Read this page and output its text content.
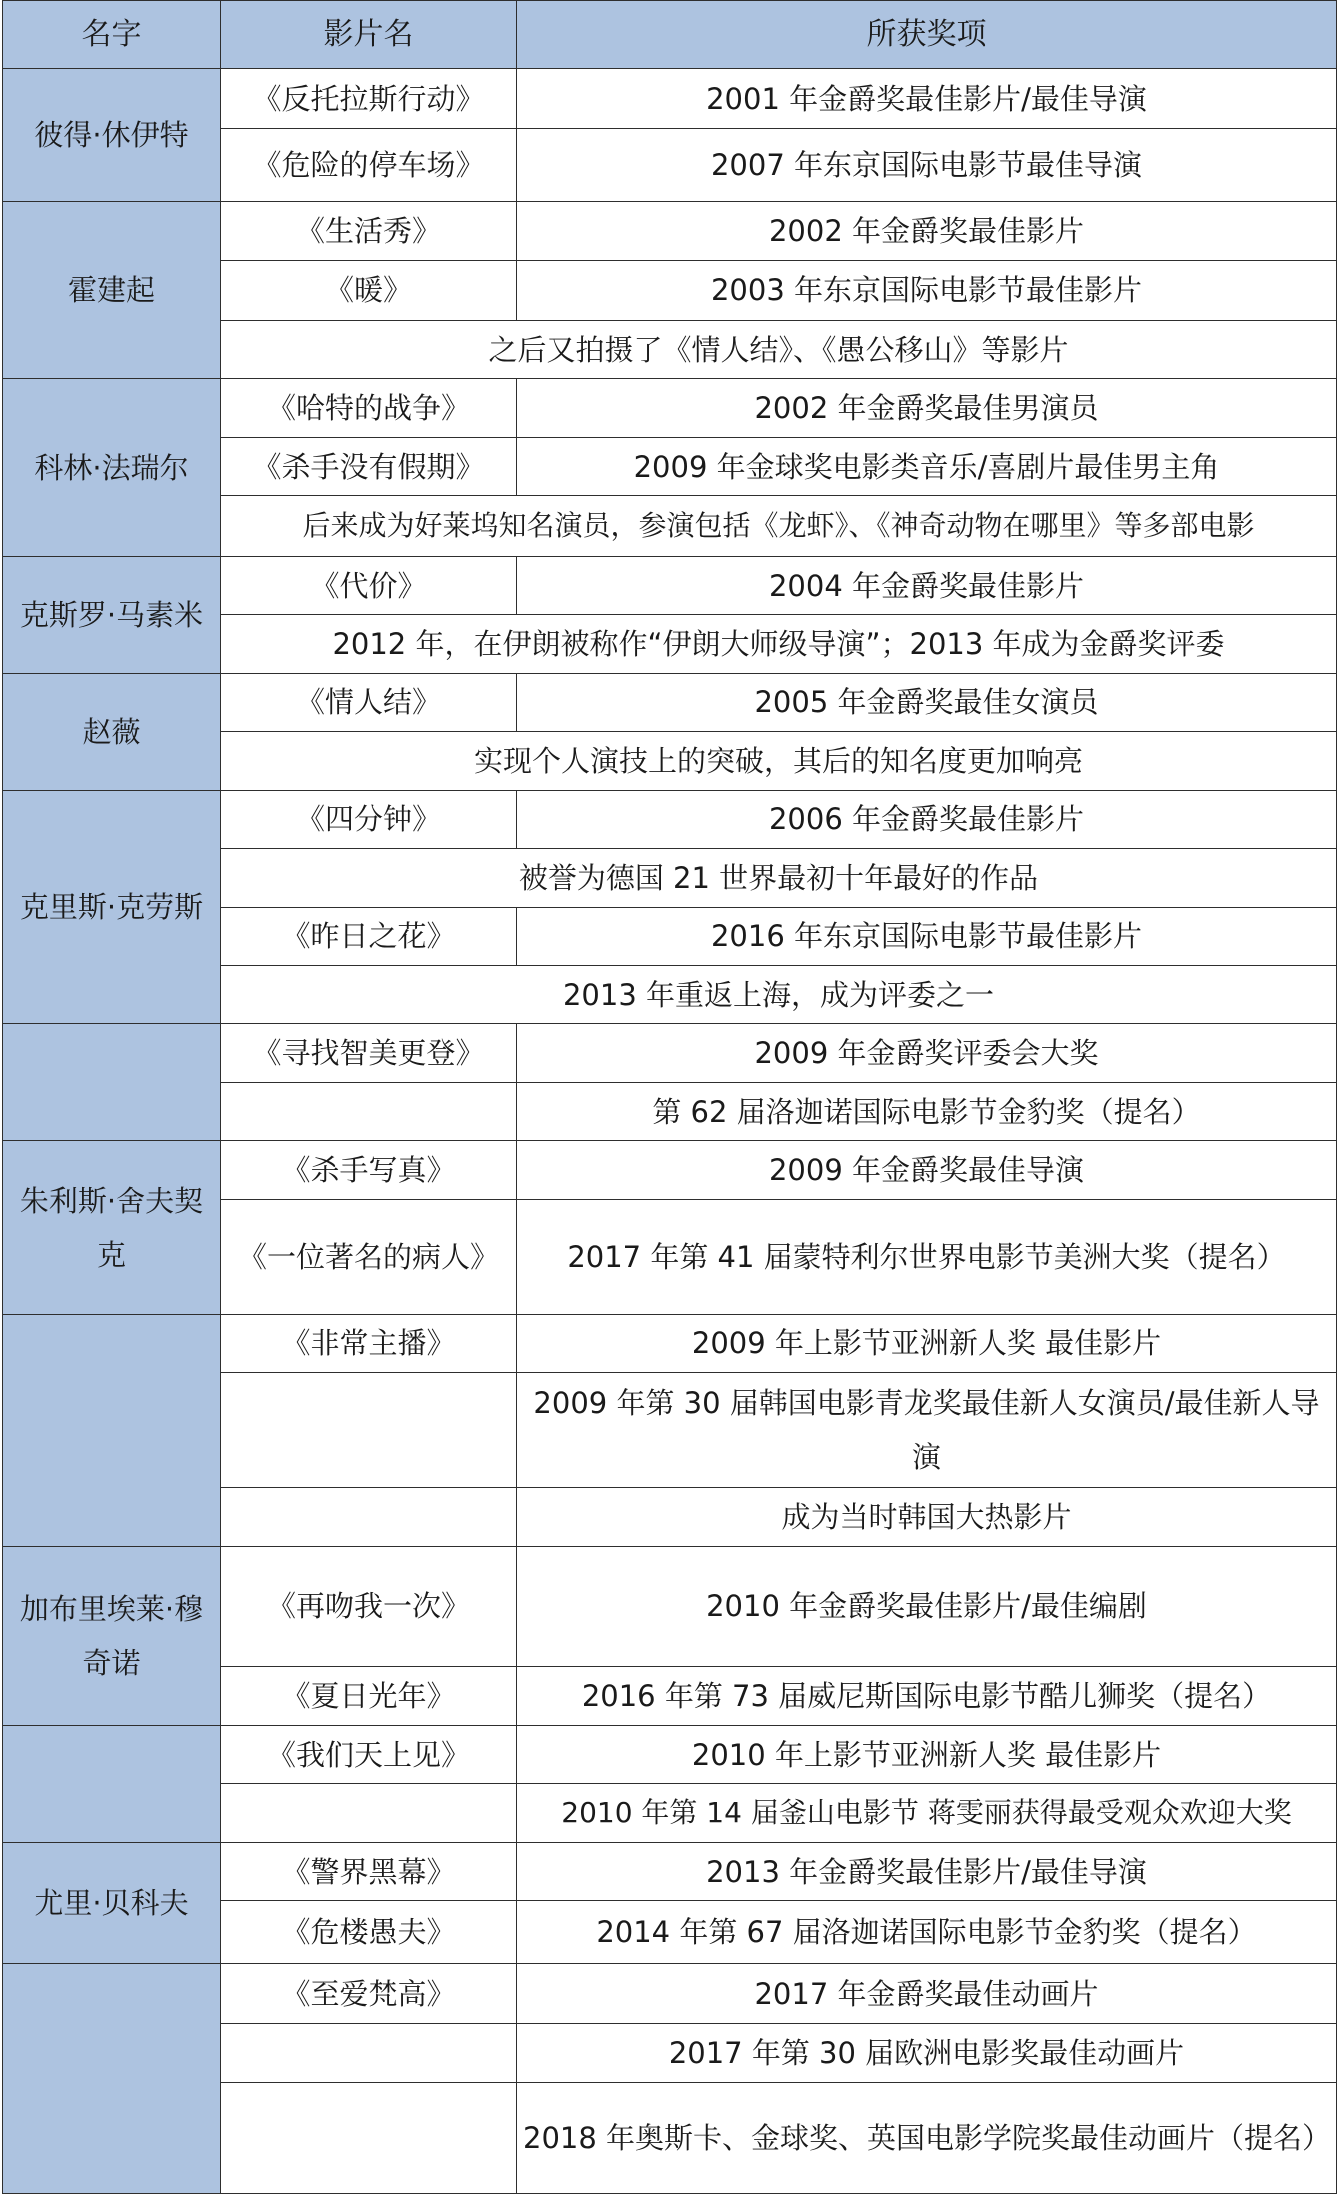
名字	影片名	所获奖项
彼得·休伊特	《反托拉斯行动》	2001 年金爵奖最佳影片/最佳导演
	《危险的停车场》	2007 年东京国际电影节最佳导演
霍建起	《生活秀》	2002 年金爵奖最佳影片
	《暖》	2003 年东京国际电影节最佳影片
	之后又拍摄了《情人结》、《愚公移山》等影片	
科林·法瑞尔	《哈特的战争》	2002 年金爵奖最佳男演员
	《杀手没有假期》	2009 年金球奖电影类音乐/喜剧片最佳男主角
	后来成为好莱坞知名演员，参演包括《龙虾》、《神奇动物在哪里》等多部电影	
克斯罗·马素米	《代价》	2004 年金爵奖最佳影片
	2012 年，在伊朗被称作“伊朗大师级导演”；2013 年成为金爵奖评委	
赵薇	《情人结》	2005 年金爵奖最佳女演员
	实现个人演技上的突破，其后的知名度更加响亮	
克里斯·克劳斯	《四分钟》	2006 年金爵奖最佳影片
	被誉为德国 21 世界最初十年最好的作品	
	《昨日之花》	2016 年东京国际电影节最佳影片
	2013 年重返上海，成为评委之一	
	《寻找智美更登》	2009 年金爵奖评委会大奖
		第 62 届洛迦诺国际电影节金豹奖（提名）
朱利斯·舍夫契克	《杀手写真》	2009 年金爵奖最佳导演
	《一位著名的病人》	2017 年第 41 届蒙特利尔世界电影节美洲大奖（提名）
	《非常主播》	2009 年上影节亚洲新人奖 最佳影片
		2009 年第 30 届韩国电影青龙奖最佳新人女演员/最佳新人导演
		成为当时韩国大热影片
加布里埃莱·穆奇诺	《再吻我一次》	2010 年金爵奖最佳影片/最佳编剧
	《夏日光年》	2016 年第 73 届威尼斯国际电影节酷儿狮奖（提名）
	《我们天上见》	2010 年上影节亚洲新人奖 最佳影片
		2010 年第 14 届釜山电影节 蒋雯丽获得最受观众欢迎大奖
尤里·贝科夫	《警界黑幕》	2013 年金爵奖最佳影片/最佳导演
	《危楼愚夫》	2014 年第 67 届洛迦诺国际电影节金豹奖（提名）
	《至爱梵高》	2017 年金爵奖最佳动画片
		2017 年第 30 届欧洲电影奖最佳动画片
		2018 年奥斯卡、金球奖、英国电影学院奖最佳动画片（提名）
